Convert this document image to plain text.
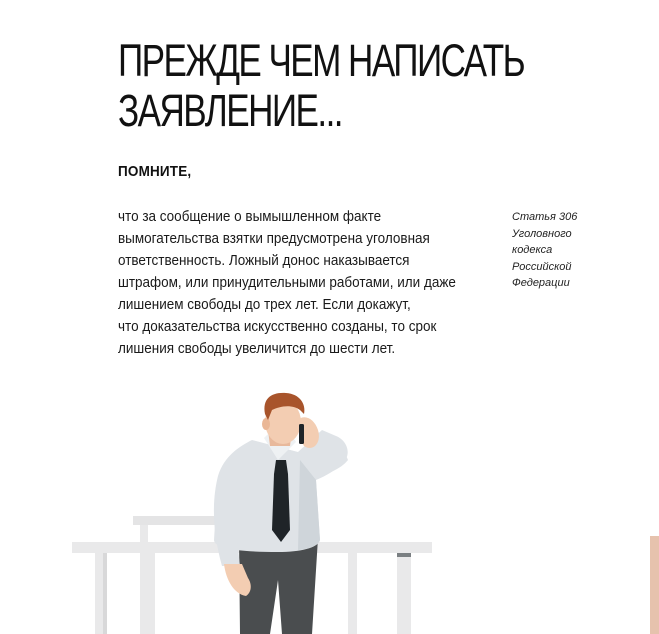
ПРЕЖДЕ ЧЕМ НАПИСАТЬ
ЗАЯВЛЕНИЕ...

ПОМНИТЕ,

что за сообщение о вымышленном факте
вымогательства взятки предусмотрена уголовная
ответственность. Ложный донос наказывается
штрафом, или принудительными работами, или даже
лишением свободы до трех лет. Если докажут,
что доказательства искусственно созданы, то срок
лишения свободы увеличится до шести лет.

Статья 306
Уголовного
кодекса
Российской
Федерации
